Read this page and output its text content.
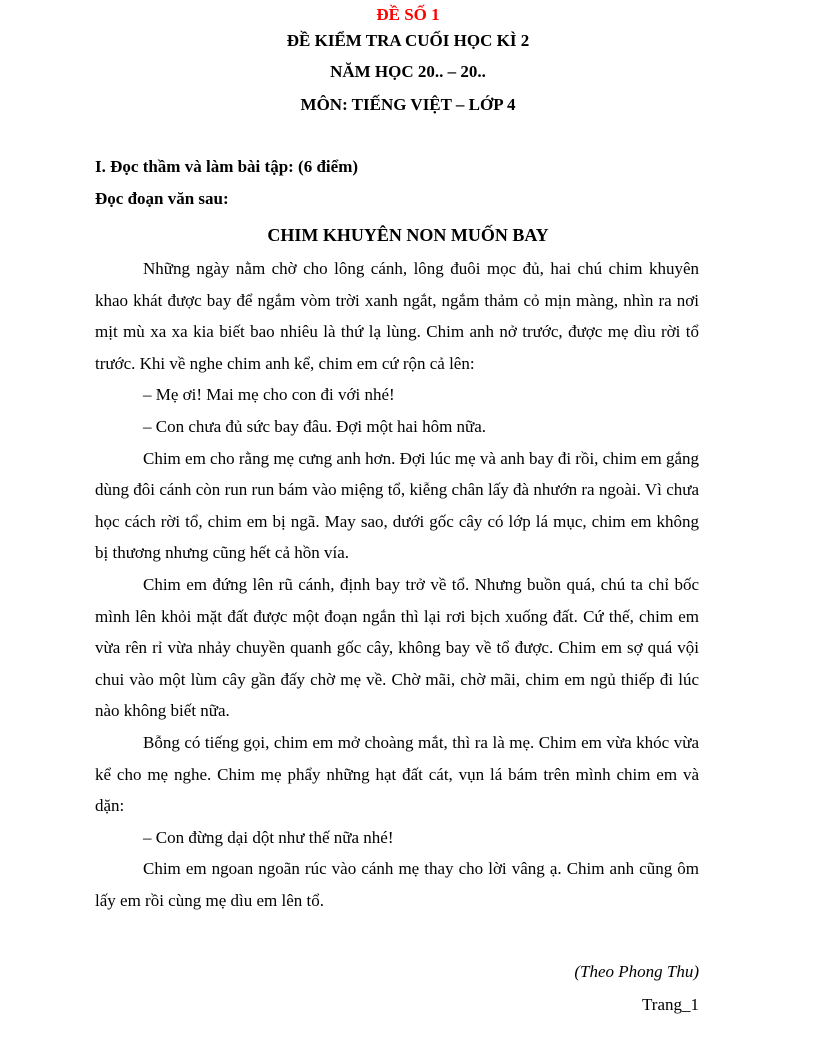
ĐỀ SỐ 1
ĐỀ KIỂM TRA CUỐI HỌC KÌ 2
NĂM HỌC 20.. – 20..
MÔN: TIẾNG VIỆT – LỚP 4
I. Đọc thầm và làm bài tập: (6 điểm)
Đọc đoạn văn sau:
CHIM KHUYÊN NON MUỐN BAY

Những ngày nằm chờ cho lông cánh, lông đuôi mọc đủ, hai chú chim khuyên khao khát được bay để ngắm vòm trời xanh ngắt, ngắm thảm cỏ mịn màng, nhìn ra nơi mịt mù xa xa kia biết bao nhiêu là thứ lạ lùng. Chim anh nở trước, được mẹ dìu rời tổ trước. Khi về nghe chim anh kể, chim em cứ rộn cả lên:

– Mẹ ơi! Mai mẹ cho con đi với nhé!

– Con chưa đủ sức bay đâu. Đợi một hai hôm nữa.

Chim em cho rằng mẹ cưng anh hơn. Đợi lúc mẹ và anh bay đi rồi, chim em gắng dùng đôi cánh còn run run bám vào miệng tổ, kiễng chân lấy đà nhướn ra ngoài. Vì chưa học cách rời tổ, chim em bị ngã. May sao, dưới gốc cây có lớp lá mục, chim em không bị thương nhưng cũng hết cả hồn vía.

Chim em đứng lên rũ cánh, định bay trở về tổ. Nhưng buồn quá, chú ta chỉ bốc mình lên khỏi mặt đất được một đoạn ngắn thì lại rơi bịch xuống đất. Cứ thế, chim em vừa rên rỉ vừa nhảy chuyền quanh gốc cây, không bay về tổ được. Chim em sợ quá vội chui vào một lùm cây gần đấy chờ mẹ về. Chờ mãi, chờ mãi, chim em ngủ thiếp đi lúc nào không biết nữa.

Bỗng có tiếng gọi, chim em mở choàng mắt, thì ra là mẹ. Chim em vừa khóc vừa kể cho mẹ nghe. Chim mẹ phẩy những hạt đất cát, vụn lá bám trên mình chim em và dặn:

– Con đừng dại dột như thế nữa nhé!

Chim em ngoan ngoãn rúc vào cánh mẹ thay cho lời vâng ạ. Chim anh cũng ôm lấy em rồi cùng mẹ dìu em lên tổ.

(Theo Phong Thu)
Trang_1
